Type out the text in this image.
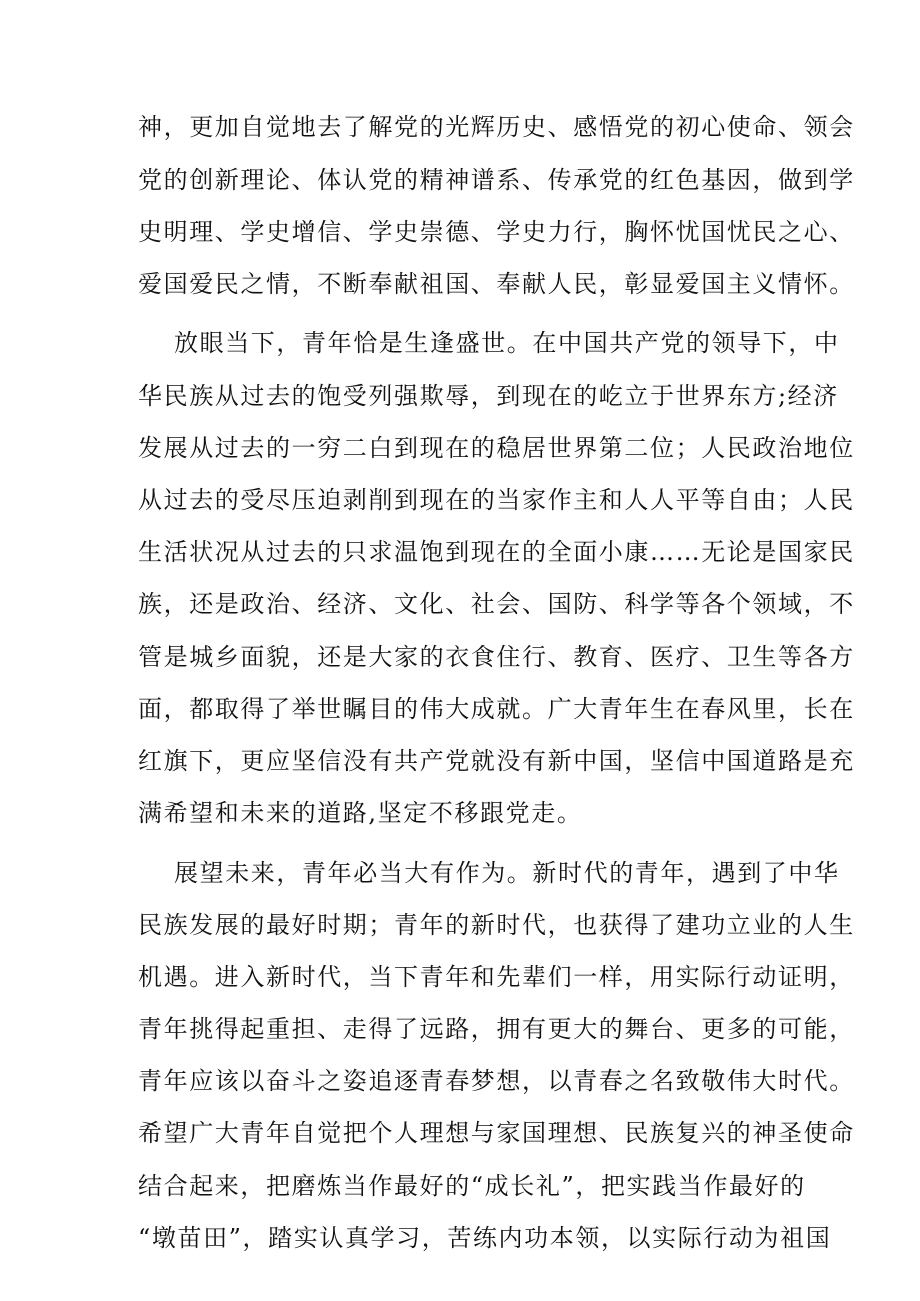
神，更加自觉地去了解党的光辉历史、感悟党的初心使命、领会
党的创新理论、体认党的精神谱系、传承党的红色基因，做到学
史明理、学史增信、学史崇德、学史力行，胸怀忧国忧民之心、
爱国爱民之情，不断奉献祖国、奉献人民，彰显爱国主义情怀。
放眼当下，青年恰是生逢盛世。在中国共产党的领导下，中
华民族从过去的饱受列强欺辱，到现在的屹立于世界东方;经济
发展从过去的一穷二白到现在的稳居世界第二位；人民政治地位
从过去的受尽压迫剥削到现在的当家作主和人人平等自由；人民
生活状况从过去的只求温饱到现在的全面小康……无论是国家民
族，还是政治、经济、文化、社会、国防、科学等各个领域，不
管是城乡面貌，还是大家的衣食住行、教育、医疗、卫生等各方
面，都取得了举世瞩目的伟大成就。广大青年生在春风里，长在
红旗下，更应坚信没有共产党就没有新中国，坚信中国道路是充
满希望和未来的道路,坚定不移跟党走。
展望未来，青年必当大有作为。新时代的青年，遇到了中华
民族发展的最好时期；青年的新时代，也获得了建功立业的人生
机遇。进入新时代，当下青年和先辈们一样，用实际行动证明，
青年挑得起重担、走得了远路，拥有更大的舞台、更多的可能，
青年应该以奋斗之姿追逐青春梦想，以青春之名致敬伟大时代。
希望广大青年自觉把个人理想与家国理想、民族复兴的神圣使命
结合起来，把磨炼当作最好的“成长礼”，把实践当作最好的
“墩苗田”，踏实认真学习，苦练内功本领，以实际行动为祖国
